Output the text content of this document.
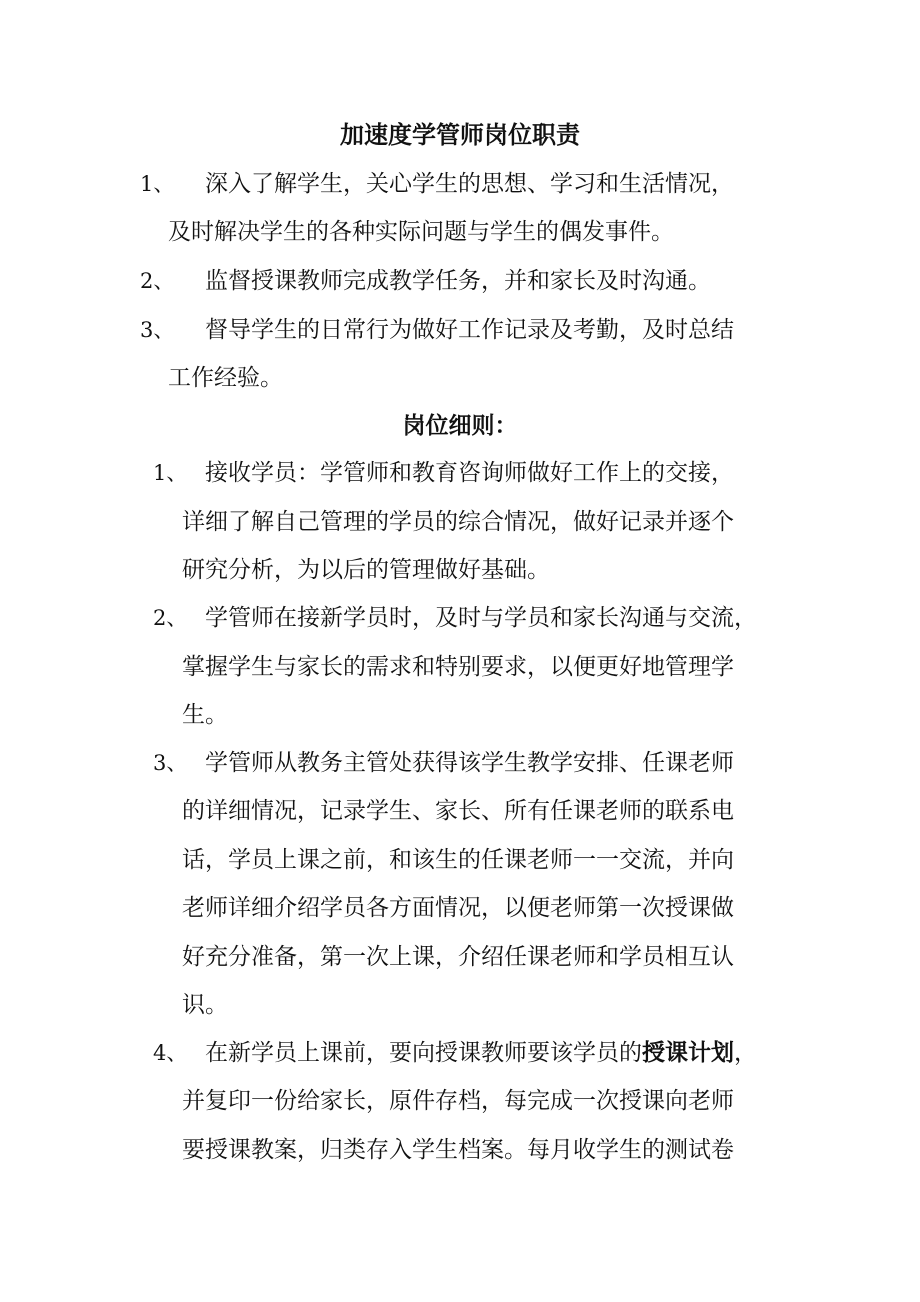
加速度学管师岗位职责
1、 深入了解学生，关心学生的思想、学习和生活情况，
及时解决学生的各种实际问题与学生的偶发事件。
2、 监督授课教师完成教学任务，并和家长及时沟通。
3、 督导学生的日常行为做好工作记录及考勤，及时总结
工作经验。
岗位细则：
1、 接收学员：学管师和教育咨询师做好工作上的交接，
详细了解自己管理的学员的综合情况，做好记录并逐个
研究分析，为以后的管理做好基础。
2、 学管师在接新学员时，及时与学员和家长沟通与交流，
掌握学生与家长的需求和特别要求，以便更好地管理学
生。
3、 学管师从教务主管处获得该学生教学安排、任课老师
的详细情况，记录学生、家长、所有任课老师的联系电
话，学员上课之前，和该生的任课老师一一交流，并向
老师详细介绍学员各方面情况，以便老师第一次授课做
好充分准备，第一次上课，介绍任课老师和学员相互认
识。
4、 在新学员上课前，要向授课教师要该学员的授课计划，
并复印一份给家长，原件存档，每完成一次授课向老师
要授课教案，归类存入学生档案。每月收学生的测试卷
